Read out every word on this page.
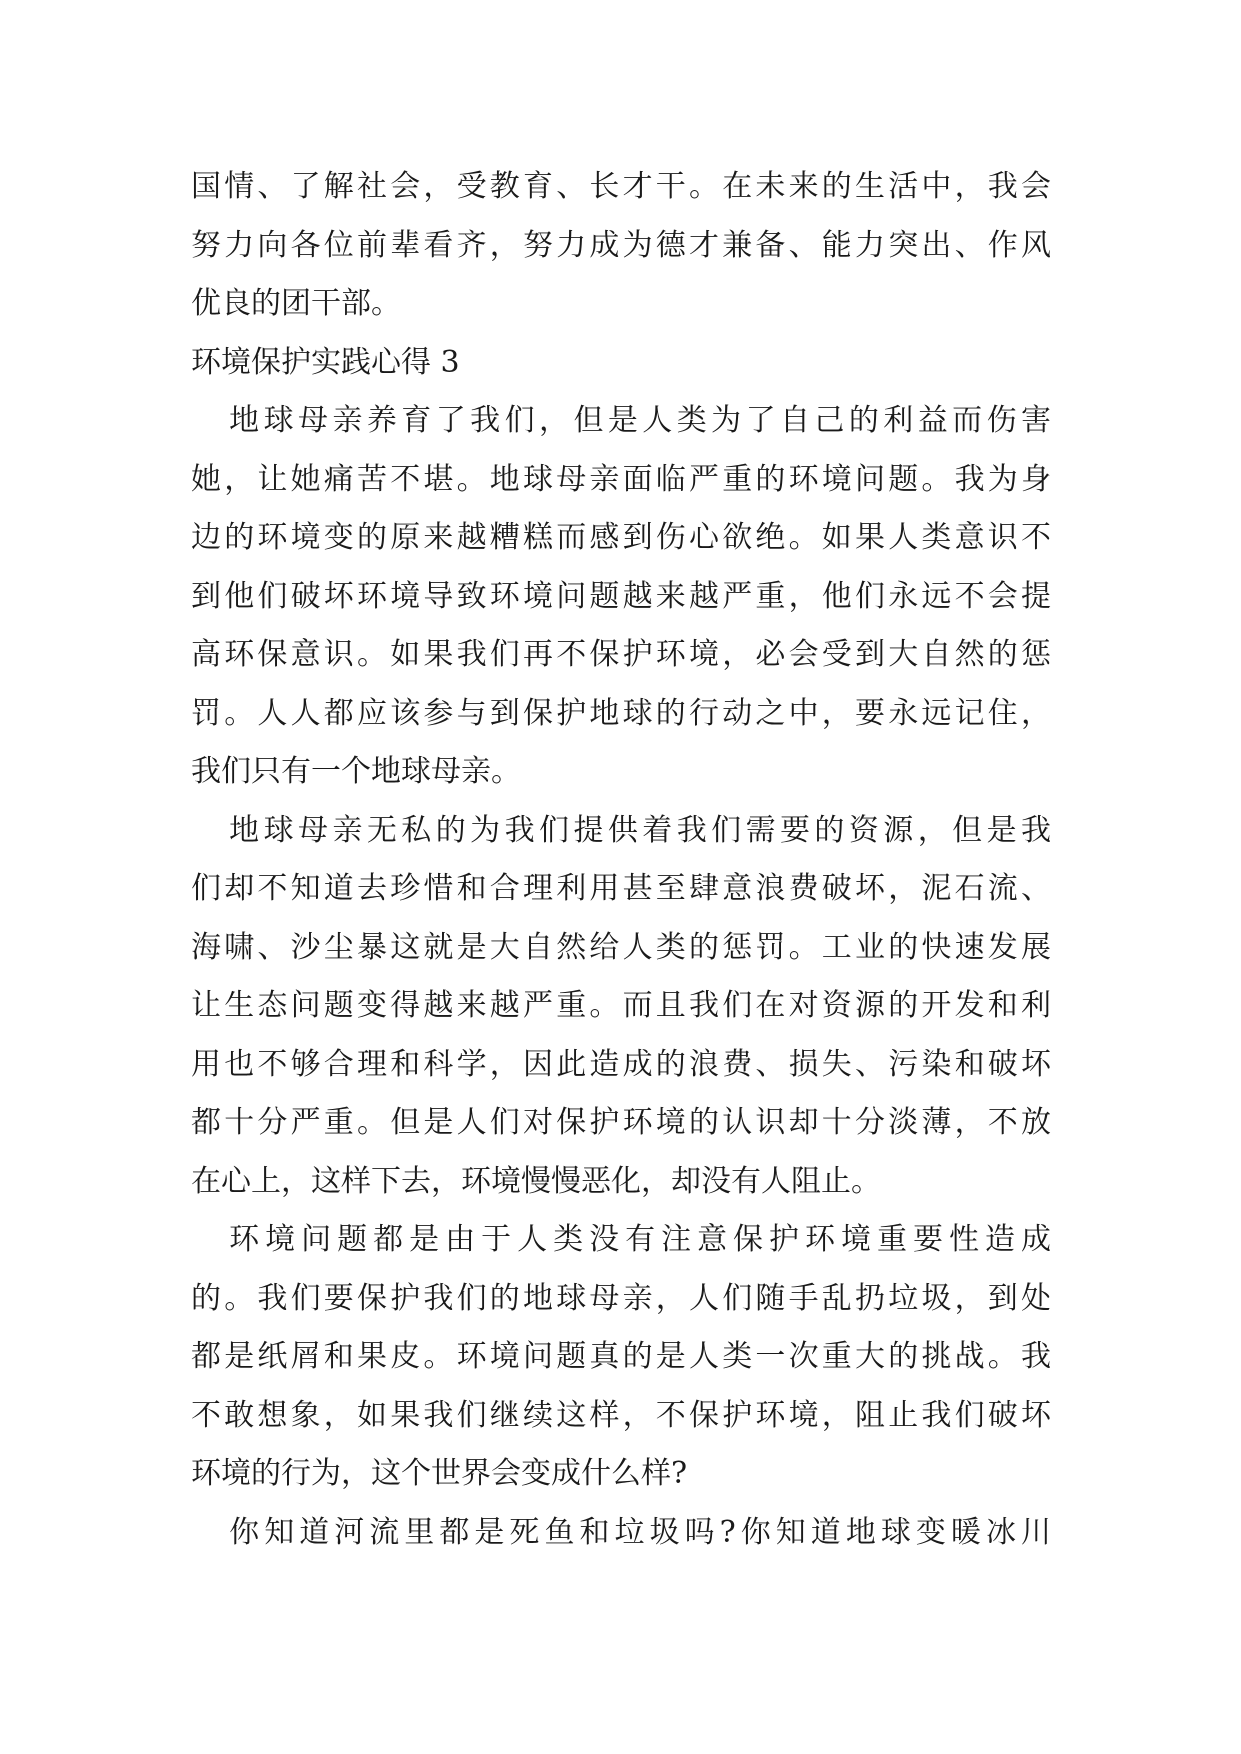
国情、了解社会，受教育、长才干。在未来的生活中，我会
努力向各位前辈看齐，努力成为德才兼备、能力突出、作风
优良的团干部。
环境保护实践心得 3
地球母亲养育了我们，但是人类为了自己的利益而伤害
她，让她痛苦不堪。地球母亲面临严重的环境问题。我为身
边的环境变的原来越糟糕而感到伤心欲绝。如果人类意识不
到他们破坏环境导致环境问题越来越严重，他们永远不会提
高环保意识。如果我们再不保护环境，必会受到大自然的惩
罚。人人都应该参与到保护地球的行动之中，要永远记住，
我们只有一个地球母亲。
地球母亲无私的为我们提供着我们需要的资源，但是我
们却不知道去珍惜和合理利用甚至肆意浪费破坏，泥石流、
海啸、沙尘暴这就是大自然给人类的惩罚。工业的快速发展
让生态问题变得越来越严重。而且我们在对资源的开发和利
用也不够合理和科学，因此造成的浪费、损失、污染和破坏
都十分严重。但是人们对保护环境的认识却十分淡薄，不放
在心上，这样下去，环境慢慢恶化，却没有人阻止。
环境问题都是由于人类没有注意保护环境重要性造成
的。我们要保护我们的地球母亲，人们随手乱扔垃圾，到处
都是纸屑和果皮。环境问题真的是人类一次重大的挑战。我
不敢想象，如果我们继续这样，不保护环境，阻止我们破坏
环境的行为，这个世界会变成什么样?
你知道河流里都是死鱼和垃圾吗?你知道地球变暖冰川
